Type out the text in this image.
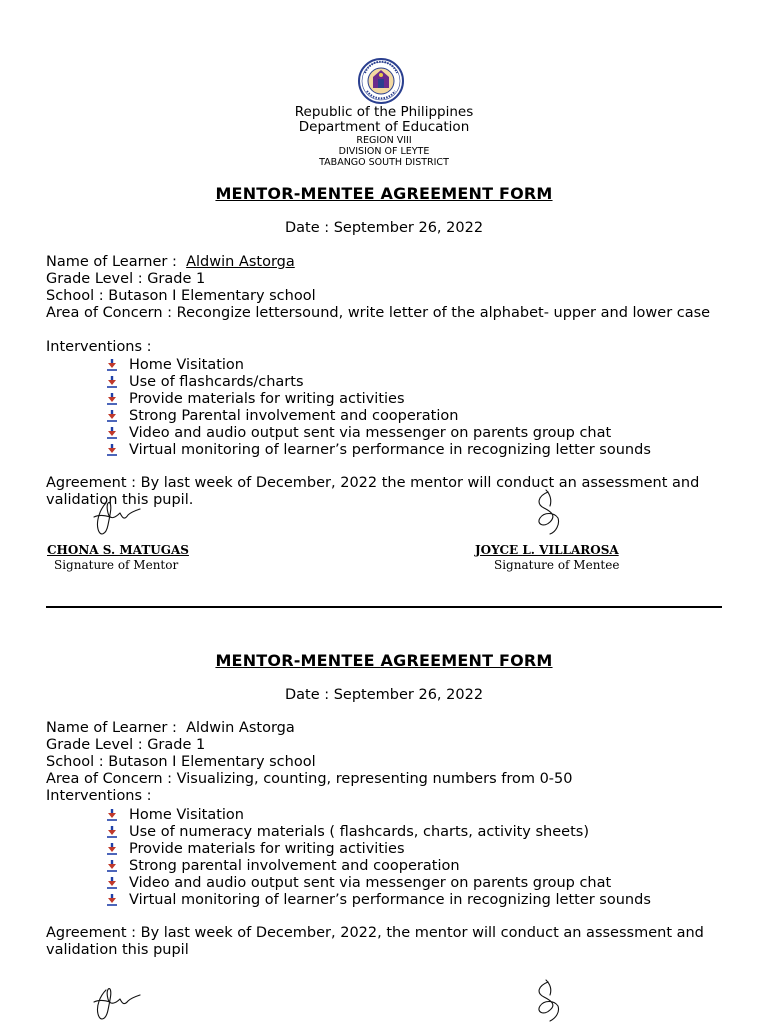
Republic of the Philippines
Department of Education
REGION VIII
DIVISION OF LEYTE
TABANGO SOUTH DISTRICT
MENTOR-MENTEE AGREEMENT FORM
Date : September 26, 2022
Name of Learner :  Aldwin Astorga
Grade Level : Grade 1
School : Butason I Elementary school
Area of Concern : Recongize lettersound, write letter of the alphabet- upper and lower case
Interventions :
Home Visitation
Use of flashcards/charts
Provide materials for writing activities
Strong Parental involvement and cooperation
Video and audio output sent via messenger on parents group chat
Virtual monitoring of learner’s performance in recognizing letter sounds
Agreement : By last week of December, 2022 the mentor will conduct an assessment and validation this pupil.
CHONA S. MATUGAS
Signature of Mentor
JOYCE L. VILLAROSA
Signature of Mentee
MENTOR-MENTEE AGREEMENT FORM
Date : September 26, 2022
Name of Learner :  Aldwin Astorga
Grade Level : Grade 1
School : Butason I Elementary school
Area of Concern : Visualizing, counting, representing numbers from 0-50
Interventions :
Home Visitation
Use of numeracy materials ( flashcards, charts, activity sheets)
Provide materials for writing activities
Strong parental involvement and cooperation
Video and audio output sent via messenger on parents group chat
Virtual monitoring of learner’s performance in recognizing letter sounds
Agreement : By last week of December, 2022, the mentor will conduct an assessment and validation this pupil
